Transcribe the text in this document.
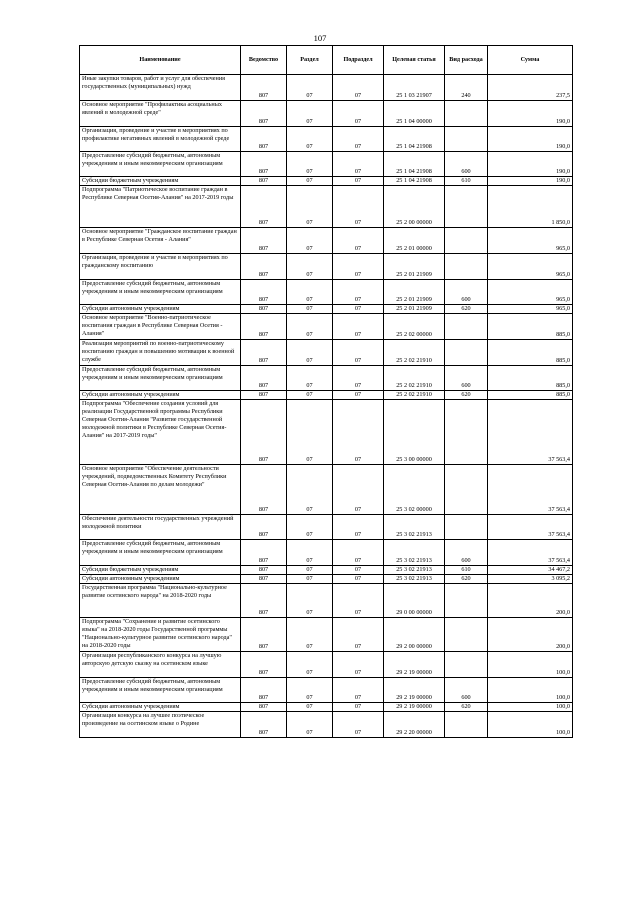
107
Наименование	Ведомство	Раздел	Подраздел	Целевая статья	Вид расхода	Сумма
Иные закупки товаров, работ и услуг для обеспечения государственных (муниципальных) нужд	807	07	07	25 1 03 21907	240	237,5
Основное мероприятие "Профилактика асоциальных явлений в молодежной среде"	807	07	07	25 1 04 00000		190,0
Организация, проведение и участие в мероприятиях по профилактике негативных явлений в молодежной среде	807	07	07	25 1 04 21908		190,0
Предоставление субсидий бюджетным, автономным учреждениям и иным некоммерческим организациям	807	07	07	25 1 04 21908	600	190,0
Субсидии бюджетным учреждениям	807	07	07	25 1 04 21908	610	190,0
Подпрограмма "Патриотическое воспитание граждан в Республике Северная Осетия-Алания" на 2017-2019 годы	807	07	07	25 2 00 00000		1 850,0
Основное мероприятие "Гражданское воспитание граждан в Республике Северная Осетия - Алания"	807	07	07	25 2 01 00000		965,0
Организация, проведение и участие в мероприятиях по гражданскому воспитанию	807	07	07	25 2 01 21909		965,0
Предоставление субсидий бюджетным, автономным учреждениям и иным некоммерческим организациям	807	07	07	25 2 01 21909	600	965,0
Субсидии автономным учреждениям	807	07	07	25 2 01 21909	620	965,0
Основное мероприятие "Военно-патриотическое воспитания граждан в Республике Северная Осетия - Алания"	807	07	07	25 2 02 00000		885,0
Реализация мероприятий по военно-патриотическому воспитанию граждан и повышению мотивации к военной службе	807	07	07	25 2 02 21910		885,0
Предоставление субсидий бюджетным, автономным учреждениям и иным некоммерческим организациям	807	07	07	25 2 02 21910	600	885,0
Субсидии автономным учреждениям	807	07	07	25 2 02 21910	620	885,0
Подпрограмма "Обеспечение создания условий для реализации Государственной программы Республики Северная Осетия-Алания "Развитие государственной молодежной политики в Республике Северная Осетия-Алания" на 2017-2019 годы"	807	07	07	25 3 00 00000		37 563,4
Основное мероприятие "Обеспечение деятельности учреждений, подведомственных Комитету Республики Северная Осетия-Алания по делам молодежи"	807	07	07	25 3 02 00000		37 563,4
Обеспечение деятельности государственных учреждений молодежной политики	807	07	07	25 3 02 21913		37 563,4
Предоставление субсидий бюджетным, автономным учреждениям и иным некоммерческим организациям	807	07	07	25 3 02 21913	600	37 563,4
Субсидии бюджетным учреждениям	807	07	07	25 3 02 21913	610	34 467,2
Субсидии автономным учреждениям	807	07	07	25 3 02 21913	620	3 095,2
Государственная программа "Национально-культурное развитие осетинского народа" на 2018-2020 годы	807	07	07	29 0 00 00000		200,0
Подпрограмма "Сохранение и развитие осетинского языка" на 2018-2020 годы Государственной программы "Национально-культурное развитие осетинского народа" на 2018-2020 годы	807	07	07	29 2 00 00000		200,0
Организация республиканского конкурса на лучшую авторскую детскую сказку на осетинском языке	807	07	07	29 2 19 00000		100,0
Предоставление субсидий бюджетным, автономным учреждениям и иным некоммерческим организациям	807	07	07	29 2 19 00000	600	100,0
Субсидии автономным учреждениям	807	07	07	29 2 19 00000	620	100,0
Организация конкурса на лучшее поэтическое произведение на осетинском языке о Родине	807	07	07	29 2 20 00000		100,0
